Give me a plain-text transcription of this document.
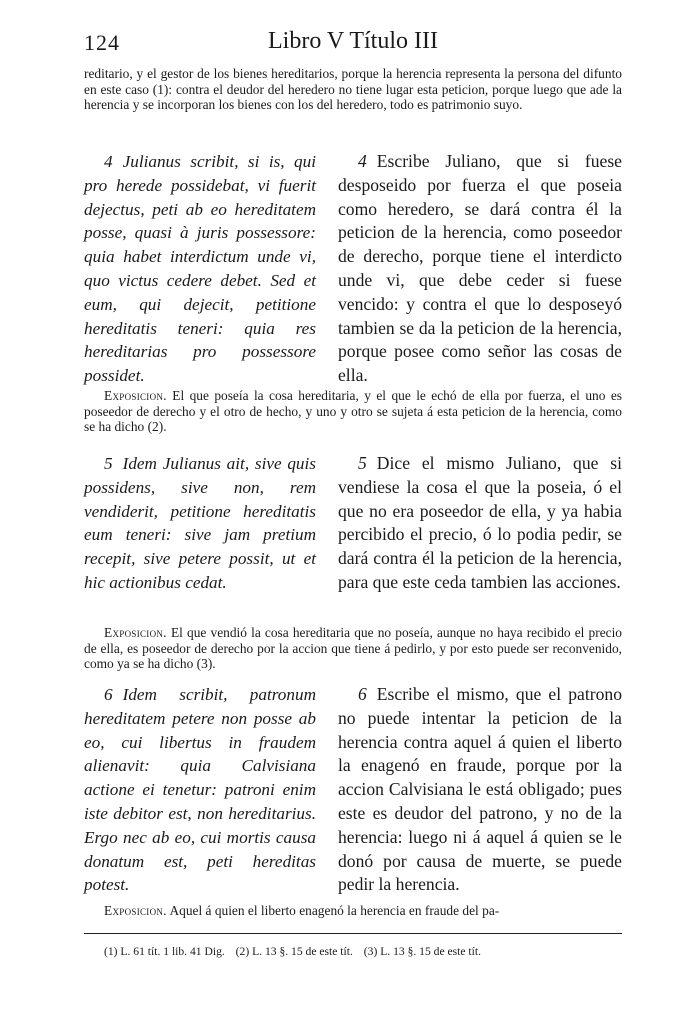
124	Libro V Título III
reditario, y el gestor de los bienes hereditarios, porque la herencia representa la persona del difunto en este caso (1): contra el deudor del heredero no tiene lugar esta peticion, porque luego que ade la herencia y se incorporan los bienes con los del heredero, todo es patrimonio suyo.

4 Julianus scribit, si is, qui pro herede possidebat, vi fuerit dejectus, peti ab eo hereditatem posse, quasi à juris possessore: quia habet interdictum unde vi, quo victus cedere debet. Sed et eum, qui dejecit, petitione hereditatis teneri: quia res hereditarias pro possessore possidet.

4 Escribe Juliano, que si fuese desposeido por fuerza el que poseia como heredero, se dará contra él la peticion de la herencia, como poseedor de derecho, porque tiene el interdicto unde vi, que debe ceder si fuese vencido: y contra el que lo desposeyó tambien se da la peticion de la herencia, porque posee como señor las cosas de ella.

Exposicion. El que poseía la cosa hereditaria, y el que le echó de ella por fuerza, el uno es poseedor de derecho y el otro de hecho, y uno y otro se sujeta á esta peticion de la herencia, como se ha dicho (2).

5 Idem Julianus ait, sive quis possidens, sive non, rem vendiderit, petitione hereditatis eum teneri: sive jam pretium recepit, sive petere possit, ut et hic actionibus cedat.

5 Dice el mismo Juliano, que si vendiese la cosa el que la poseia, ó el que no era poseedor de ella, y ya habia percibido el precio, ó lo podia pedir, se dará contra él la peticion de la herencia, para que este ceda tambien las acciones.

Exposicion. El que vendió la cosa hereditaria que no poseía, aunque no haya recibido el precio de ella, es poseedor de derecho por la accion que tiene á pedirlo, y por esto puede ser reconvenido, como ya se ha dicho (3).

6 Idem scribit, patronum hereditatem petere non posse ab eo, cui libertus in fraudem alienavit: quia Calvisiana actione ei tenetur: patroni enim iste debitor est, non hereditarius. Ergo nec ab eo, cui mortis causa donatum est, peti hereditas potest.

6 Escribe el mismo, que el patrono no puede intentar la peticion de la herencia contra aquel á quien el liberto la enagenó en fraude, porque por la accion Calvisiana le está obligado; pues este es deudor del patrono, y no de la herencia: luego ni á aquel á quien se le donó por causa de muerte, se puede pedir la herencia.

Exposicion. Aquel á quien el liberto enagenó la herencia en fraude del pa-
(1) L. 61 tít. 1 lib. 41 Dig. (2) L. 13 §. 15 de este tít. (3) L. 13 §. 15 de este tít.
